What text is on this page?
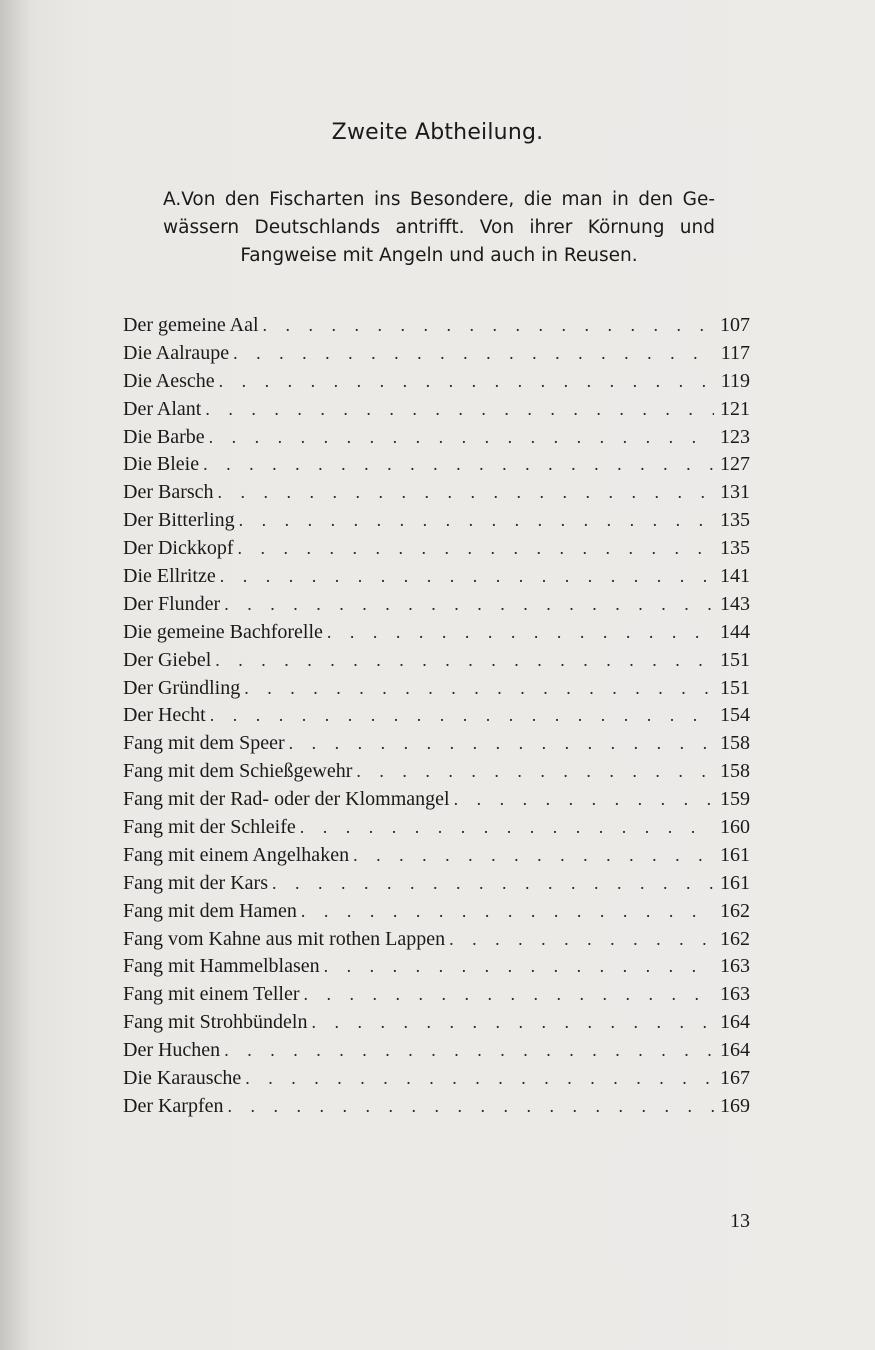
Zweite Abtheilung.
A.Von den Fischarten ins Besondere, die man in den Ge-
wässern Deutschlands antrifft. Von ihrer Körnung und
Fangweise mit Angeln und auch in Reusen.
Der gemeine Aal . . .	107
Die Aalraupe . . .	117
Die Aesche . . .	119
Der Alant . . .	121
Die Barbe . . .	123
Die Bleie . . .	127
Der Barsch . . .	131
Der Bitterling . . .	135
Der Dickkopf . . .	135
Die Ellritze . . .	141
Der Flunder . . .	143
Die gemeine Bachforelle . . .	144
Der Giebel . . .	151
Der Gründling . . .	151
Der Hecht . . .	154
Fang mit dem Speer . . .	158
Fang mit dem Schießgewehr . . .	158
Fang mit der Rad- oder der Klommangel . . .	159
Fang mit der Schleife . . .	160
Fang mit einem Angelhaken . . .	161
Fang mit der Kars . . .	161
Fang mit dem Hamen . . .	162
Fang vom Kahne aus mit rothen Lappen . . .	162
Fang mit Hammelblasen . . .	163
Fang mit einem Teller . . .	163
Fang mit Strohbündeln . . .	164
Der Huchen . . .	164
Die Karausche . . .	167
Der Karpfen . . .	169
13
